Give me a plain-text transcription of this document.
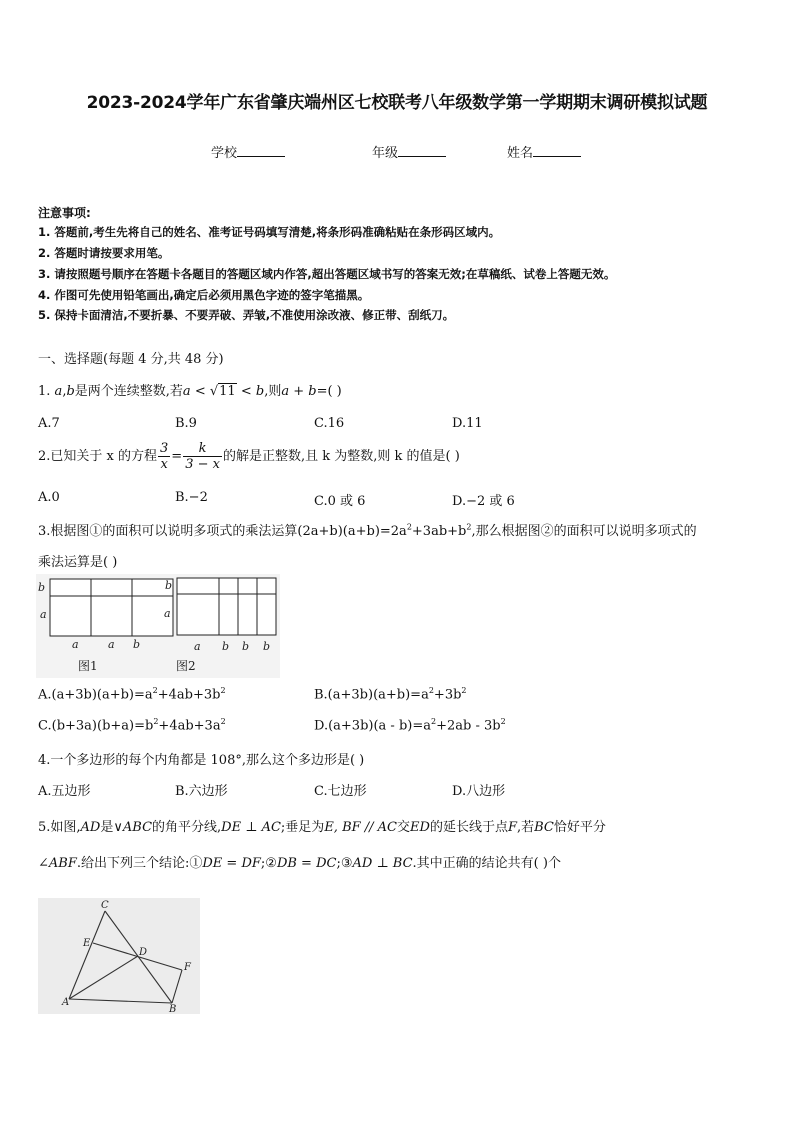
2023-2024学年广东省肇庆端州区七校联考八年级数学第一学期期末调研模拟试题
学校	年级	姓名
注意事项:
1. 答题前,考生先将自己的姓名、准考证号码填写清楚,将条形码准确粘贴在条形码区域内。
2. 答题时请按要求用笔。
3. 请按照题号顺序在答题卡各题目的答题区域内作答,超出答题区域书写的答案无效;在草稿纸、试卷上答题无效。
4. 作图可先使用铅笔画出,确定后必须用黑色字迹的签字笔描黑。
5. 保持卡面清洁,不要折暴、不要弄破、弄皱,不准使用涂改液、修正带、刮纸刀。
一、选择题(每题 4 分,共 48 分)
1. a,b是两个连续整数,若a < √11 < b,则a + b=( )
A.7	B.9	C.16	D.11
2.已知关于 x 的方程 $\frac{3}{x} = \frac{k}{3 - x}$ 的解是正整数,且 k 为整数,则 k 的值是( )
A.0	B.−2	C.0 或 6	D.−2 或 6
3.根据图①的面积可以说明多项式的乘法运算$(2a+b)(a+b)=2a^2+3ab+b^2$,那么根据图②的面积可以说明多项式的
乘法运算是( )
b
a
a	a b
图1
b
a
a b b b
图2
$A.(a+3b)(a+b)=a^2+4ab+3b^2$	$B.(a+3b)(a+b)=a^2+3b^2$
$C.(b+3a)(b+a)=b^2+4ab+3a^2$	$D.(a+3b)(a - b)=a^2+2ab - 3b^2$
4.一个多边形的每个内角都是 108°,那么这个多边形是( )
A.五边形	B.六边形	C.七边形	D.八边形
5.如图,AD是∨ABC的角平分线,DE ⊥ AC;垂足为E, BF // AC交ED的延长线于点F,若BC恰好平分
∠ABF.给出下列三个结论:①DE = DF;②DB = DC;③AD ⊥ BC.其中正确的结论共有( )个
C
E
D
F
A
B
